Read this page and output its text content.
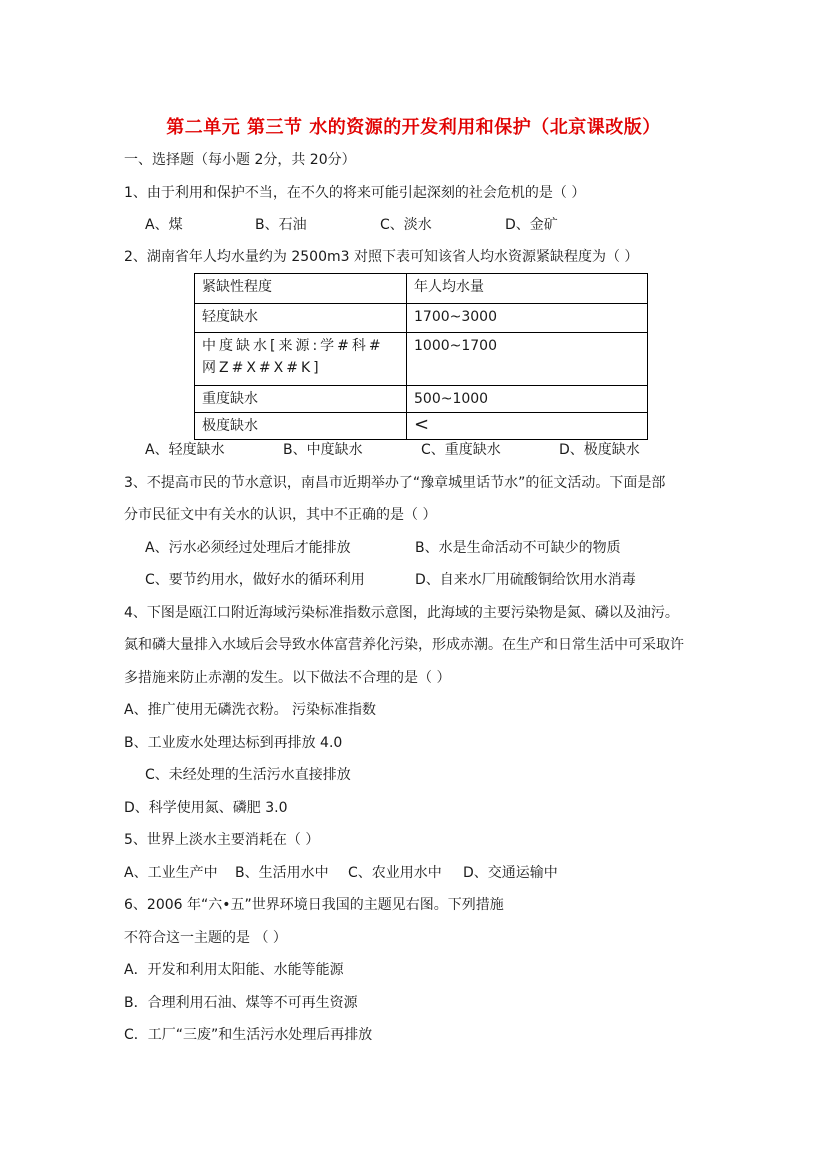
第二单元 第三节 水的资源的开发利用和保护（北京课改版）
一、选择题（每小题 2分，共 20分）
1、由于利用和保护不当，在不久的将来可能引起深刻的社会危机的是（ ）
A、煤	B、石油	C、淡水	D、金矿
2、湖南省年人均水量约为 2500m3 对照下表可知该省人均水资源紧缺程度为（ ）
紧缺性程度	年人均水量
轻度缺水	1700~3000
中度缺水[来源:学#科#网Z#X#X#K]	1000~1700
重度缺水	500~1000
极度缺水	<
A、轻度缺水	B、中度缺水	C、重度缺水	D、极度缺水
3、不提高市民的节水意识，南昌市近期举办了“豫章城里话节水”的征文活动。下面是部
分市民征文中有关水的认识，其中不正确的是（ ）
A、污水必须经过处理后才能排放	B、水是生命活动不可缺少的物质
C、要节约用水，做好水的循环利用	D、自来水厂用硫酸铜给饮用水消毒
4、下图是瓯江口附近海域污染标准指数示意图，此海域的主要污染物是氮、磷以及油污。
氮和磷大量排入水域后会导致水体富营养化污染，形成赤潮。在生产和日常生活中可采取许
多措施来防止赤潮的发生。以下做法不合理的是（ ）
A、推广使用无磷洗衣粉。 污染标准指数
B、工业废水处理达标到再排放 4.0
C、未经处理的生活污水直接排放
D、科学使用氮、磷肥 3.0
5、世界上淡水主要消耗在（ ）
A、工业生产中 B、生活用水中 C、农业用水中 D、交通运输中
6、2006 年“六•五”世界环境日我国的主题见右图。下列措施
不符合这一主题的是 （ ）
A．开发和利用太阳能、水能等能源
B．合理利用石油、煤等不可再生资源
C．工厂“三废”和生活污水处理后再排放
